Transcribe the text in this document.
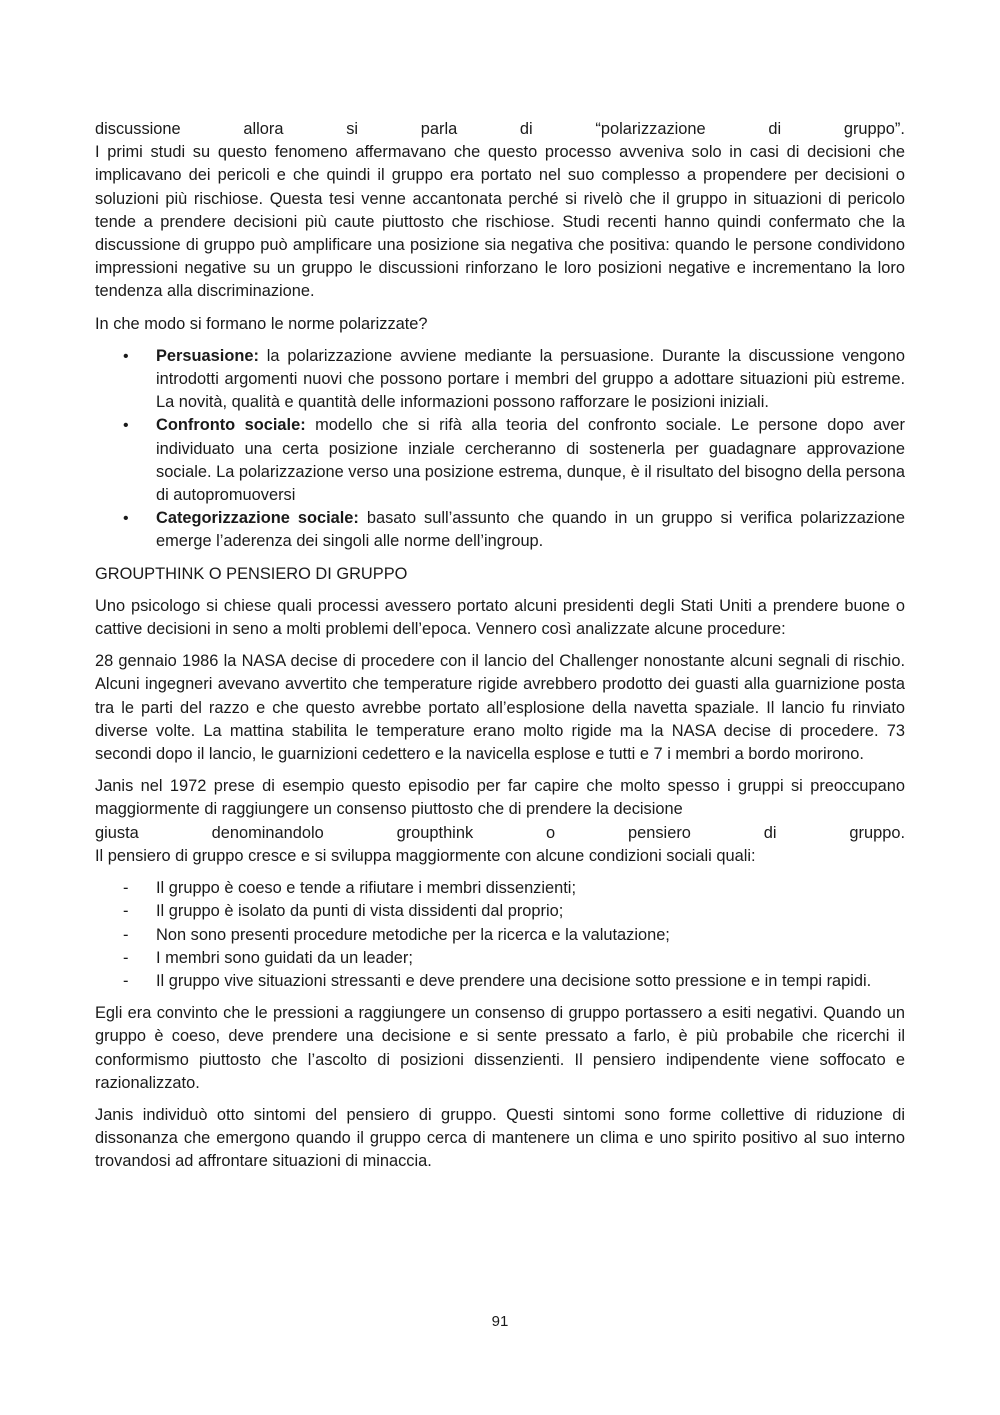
discussione	allora	si	parla	di	“polarizzazione	di	gruppo”.

I primi studi su questo fenomeno affermavano che questo processo avveniva solo in casi di decisioni che implicavano dei pericoli e che quindi il gruppo era portato nel suo complesso a propendere per decisioni o soluzioni più rischiose. Questa tesi venne accantonata perché si rivelò che il gruppo in situazioni di pericolo tende a prendere decisioni più caute piuttosto che rischiose. Studi recenti hanno quindi confermato che la discussione di gruppo può amplificare una posizione sia negativa che positiva: quando le persone condividono impressioni negative su un gruppo le discussioni rinforzano le loro posizioni negative e incrementano la loro tendenza alla discriminazione.

In che modo si formano le norme polarizzate?

• Persuasione: la polarizzazione avviene mediante la persuasione. Durante la discussione vengono introdotti argomenti nuovi che possono portare i membri del gruppo a adottare situazioni più estreme. La novità, qualità e quantità delle informazioni possono rafforzare le posizioni iniziali.
• Confronto sociale: modello che si rifà alla teoria del confronto sociale. Le persone dopo aver individuato una certa posizione inziale cercheranno di sostenerla per guadagnare approvazione sociale. La polarizzazione verso una posizione estrema, dunque, è il risultato del bisogno della persona di autopromuoversi
• Categorizzazione sociale: basato sull’assunto che quando in un gruppo si verifica polarizzazione emerge l’aderenza dei singoli alle norme dell’ingroup.

GROUPTHINK O PENSIERO DI GRUPPO

Uno psicologo si chiese quali processi avessero portato alcuni presidenti degli Stati Uniti a prendere buone o cattive decisioni in seno a molti problemi dell’epoca. Vennero così analizzate alcune procedure:

28 gennaio 1986 la NASA decise di procedere con il lancio del Challenger nonostante alcuni segnali di rischio. Alcuni ingegneri avevano avvertito che temperature rigide avrebbero prodotto dei guasti alla guarnizione posta tra le parti del razzo e che questo avrebbe portato all’esplosione della navetta spaziale. Il lancio fu rinviato diverse volte. La mattina stabilita le temperature erano molto rigide ma la NASA decise di procedere. 73 secondi dopo il lancio, le guarnizioni cedettero e la navicella esplose e tutti e 7 i membri a bordo morirono.

Janis nel 1972 prese di esempio questo episodio per far capire che molto spesso i gruppi si preoccupano maggiormente di raggiungere un consenso piuttosto che di prendere la decisione

giusta	denominandolo	groupthink	o	pensiero	di	gruppo.

Il pensiero di gruppo cresce e si sviluppa maggiormente con alcune condizioni sociali quali:

- Il gruppo è coeso e tende a rifiutare i membri dissenzienti;
- Il gruppo è isolato da punti di vista dissidenti dal proprio;
- Non sono presenti procedure metodiche per la ricerca e la valutazione;
- I membri sono guidati da un leader;
- Il gruppo vive situazioni stressanti e deve prendere una decisione sotto pressione e in tempi rapidi.

Egli era convinto che le pressioni a raggiungere un consenso di gruppo portassero a esiti negativi. Quando un gruppo è coeso, deve prendere una decisione e si sente pressato a farlo, è più probabile che ricerchi il conformismo piuttosto che l’ascolto di posizioni dissenzienti. Il pensiero indipendente viene soffocato e razionalizzato.

Janis individuò otto sintomi del pensiero di gruppo. Questi sintomi sono forme collettive di riduzione di dissonanza che emergono quando il gruppo cerca di mantenere un clima e uno spirito positivo al suo interno trovandosi ad affrontare situazioni di minaccia.

91
